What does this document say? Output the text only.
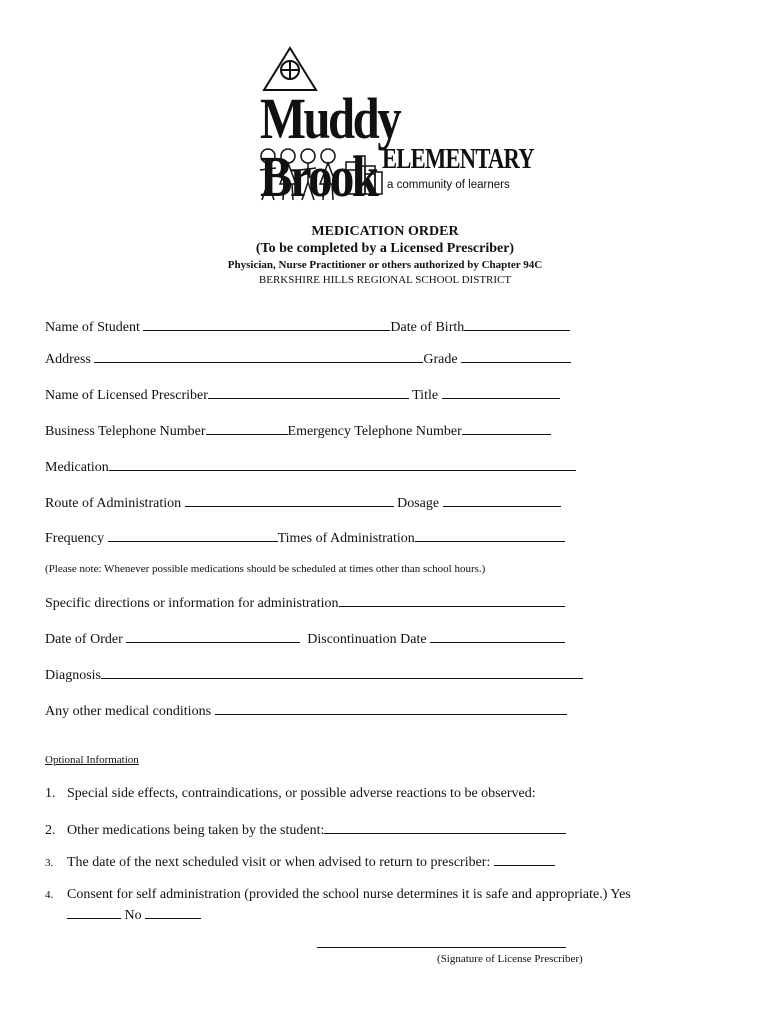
Muddy Brook ELEMENTARY
a community of learners
MEDICATION ORDER
(To be completed by a Licensed Prescriber)
Physician, Nurse Practitioner or others authorized by Chapter 94C
BERKSHIRE HILLS REGIONAL SCHOOL DISTRICT
Name of Student	Date of Birth
Address	Grade
Name of Licensed Prescriber	Title
Business Telephone Number	Emergency Telephone Number
Medication
Route of Administration	Dosage
Frequency	Times of Administration
(Please note: Whenever possible medications should be scheduled at times other than school hours.)
Specific directions or information for administration
Date of Order	Discontinuation Date
Diagnosis
Any other medical conditions
Optional Information
1. Special side effects, contraindications, or possible adverse reactions to be observed:
2. Other medications being taken by the student:
3. The date of the next scheduled visit or when advised to return to prescriber:
4. Consent for self administration (provided the school nurse determines it is safe and appropriate.) Yes
No
(Signature of License Prescriber)
